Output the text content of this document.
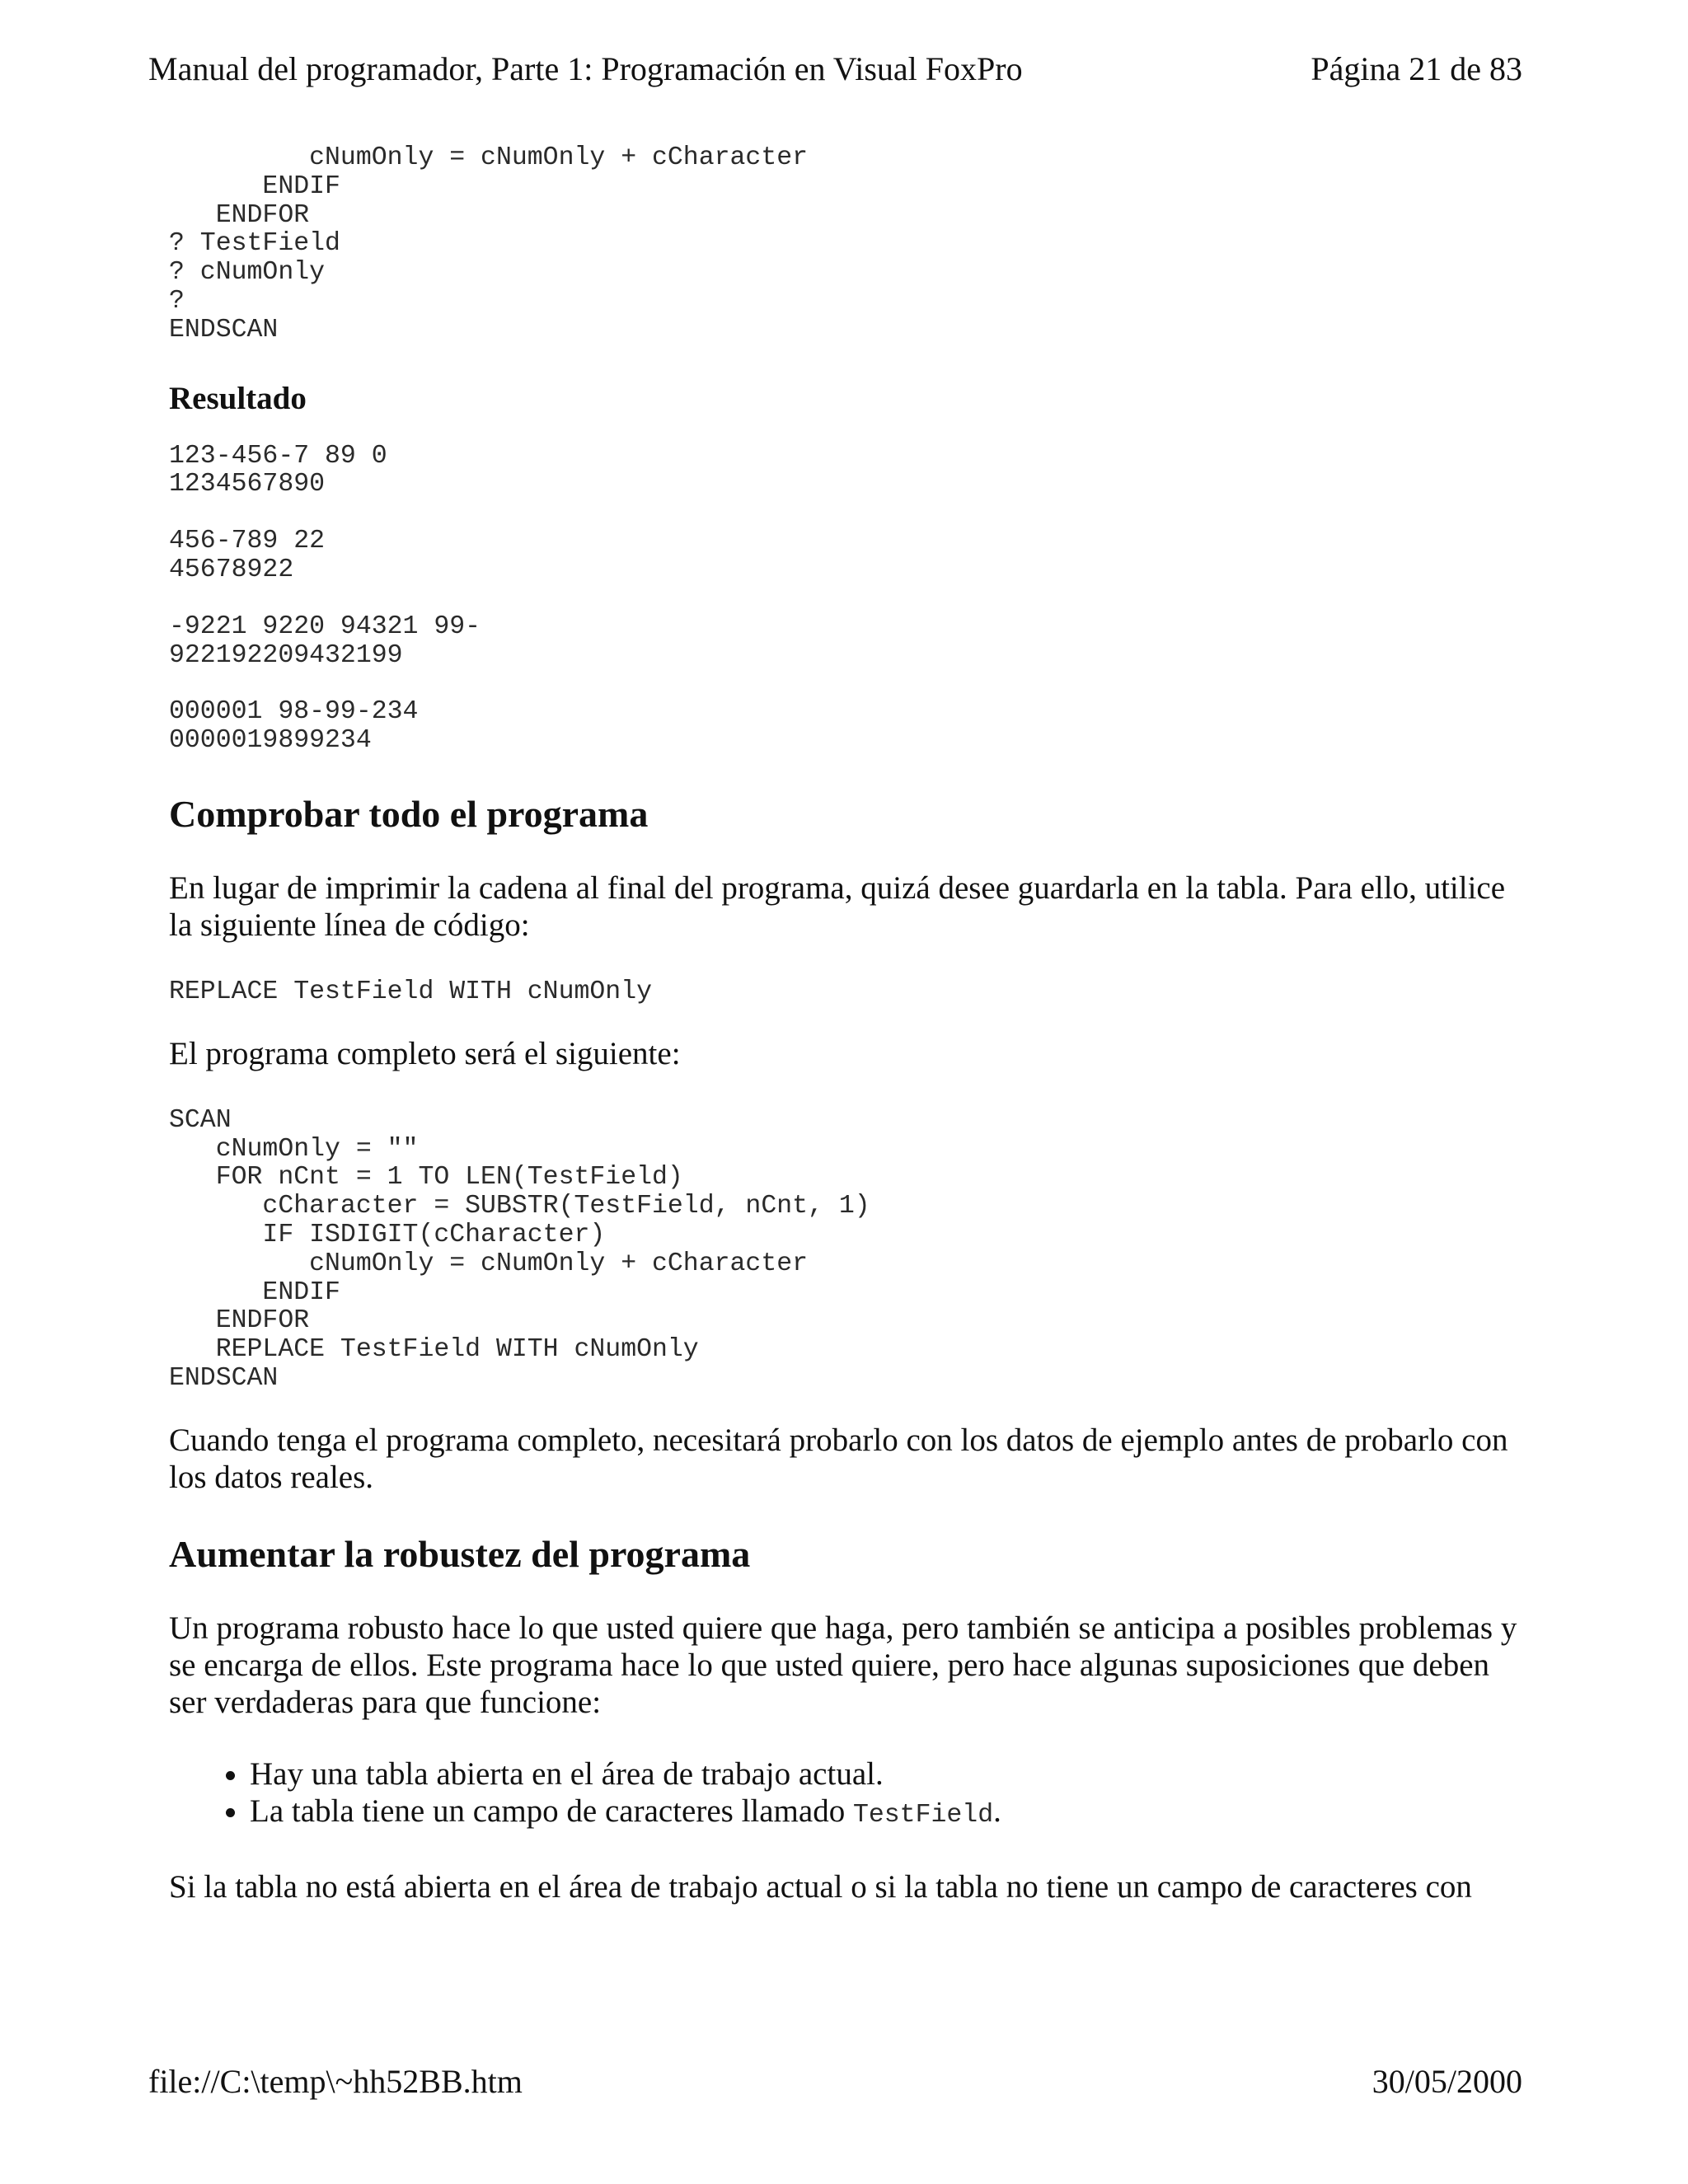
Manual del programador, Parte 1: Programación en Visual FoxPro	Página 21 de 83
cNumOnly = cNumOnly + cCharacter
ENDIF
ENDFOR
? TestField
? cNumOnly
?
ENDSCAN
Resultado
123-456-7 89 0
1234567890
456-789 22
45678922
-9221 9220 94321 99-
922192209432199
000001 98-99-234
0000019899234
Comprobar todo el programa

En lugar de imprimir la cadena al final del programa, quizá desee guardarla en la tabla. Para ello, utilice la siguiente línea de código:

REPLACE TestField WITH cNumOnly

El programa completo será el siguiente:

SCAN
cNumOnly = ""
FOR nCnt = 1 TO LEN(TestField)
cCharacter = SUBSTR(TestField, nCnt, 1)
IF ISDIGIT(cCharacter)
cNumOnly = cNumOnly + cCharacter
ENDIF
ENDFOR
REPLACE TestField WITH cNumOnly
ENDSCAN

Cuando tenga el programa completo, necesitará probarlo con los datos de ejemplo antes de probarlo con los datos reales.

Aumentar la robustez del programa

Un programa robusto hace lo que usted quiere que haga, pero también se anticipa a posibles problemas y se encarga de ellos. Este programa hace lo que usted quiere, pero hace algunas suposiciones que deben ser verdaderas para que funcione:

• Hay una tabla abierta en el área de trabajo actual.
• La tabla tiene un campo de caracteres llamado TestField.

Si la tabla no está abierta en el área de trabajo actual o si la tabla no tiene un campo de caracteres con

file://C:\temp\~hh52BB.htm	30/05/2000
